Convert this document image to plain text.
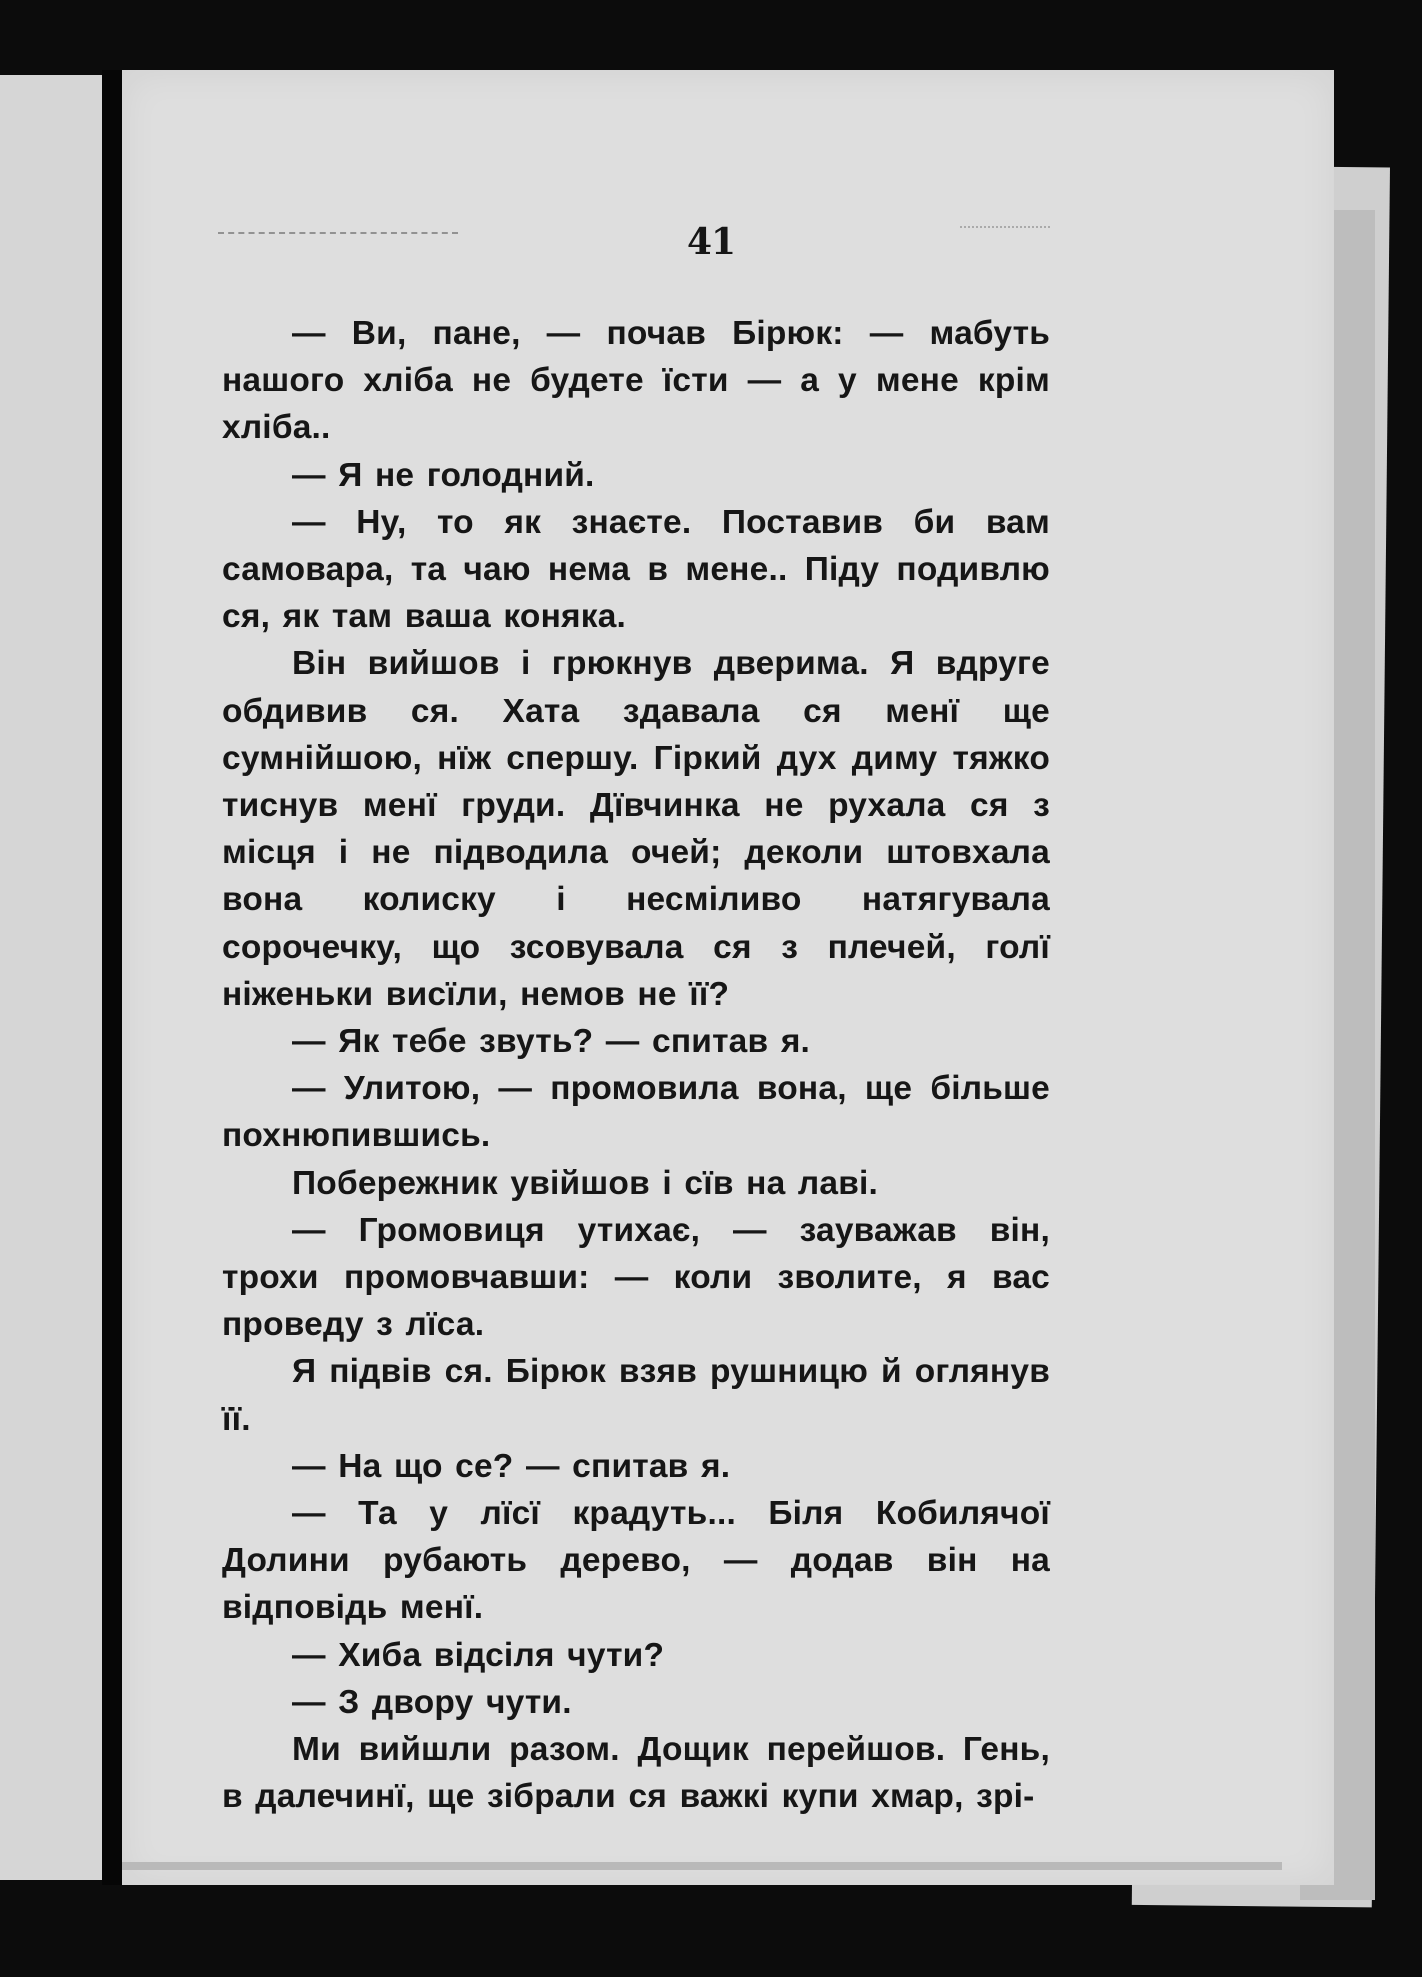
41

— Ви, пане, — почав Бірюк: — мабуть нашого хліба не будете їсти — а у мене крім хліба..

— Я не голодний.

— Ну, то як знаєте. Поставив би вам самовара, та чаю нема в мене.. Піду подивлю ся, як там ваша коняка.

Він вийшов і грюкнув дверима. Я вдруге обдивив ся. Хата здавала ся менї ще сумнійшою, нїж спершу. Гіркий дух диму тяжко тиснув менї груди. Дївчинка не рухала ся з місця і не підводила очей; деколи штовхала вона колиску і несміливо натягувала сорочечку, що зсовувала ся з плечей, голї ніженьки висїли, немов не її?

— Як тебе звуть? — спитав я.

— Улитою, — промовила вона, ще більше похнюпившись.

Побережник увійшов і сїв на лаві.

— Громовиця утихає, — зауважав він, трохи промовчавши: — коли зволите, я вас проведу з лїса.

Я підвів ся. Бірюк взяв рушницю й оглянув її.

— На що се? — спитав я.

— Та у лїсї крадуть... Біля Кобилячої Долини рубають дерево, — додав він на відповідь менї.

— Хиба відсіля чути?

— З двору чути.

Ми вийшли разом. Дощик перейшов. Гень, в далечинї, ще зібрали ся важкі купи хмар, зрі-
